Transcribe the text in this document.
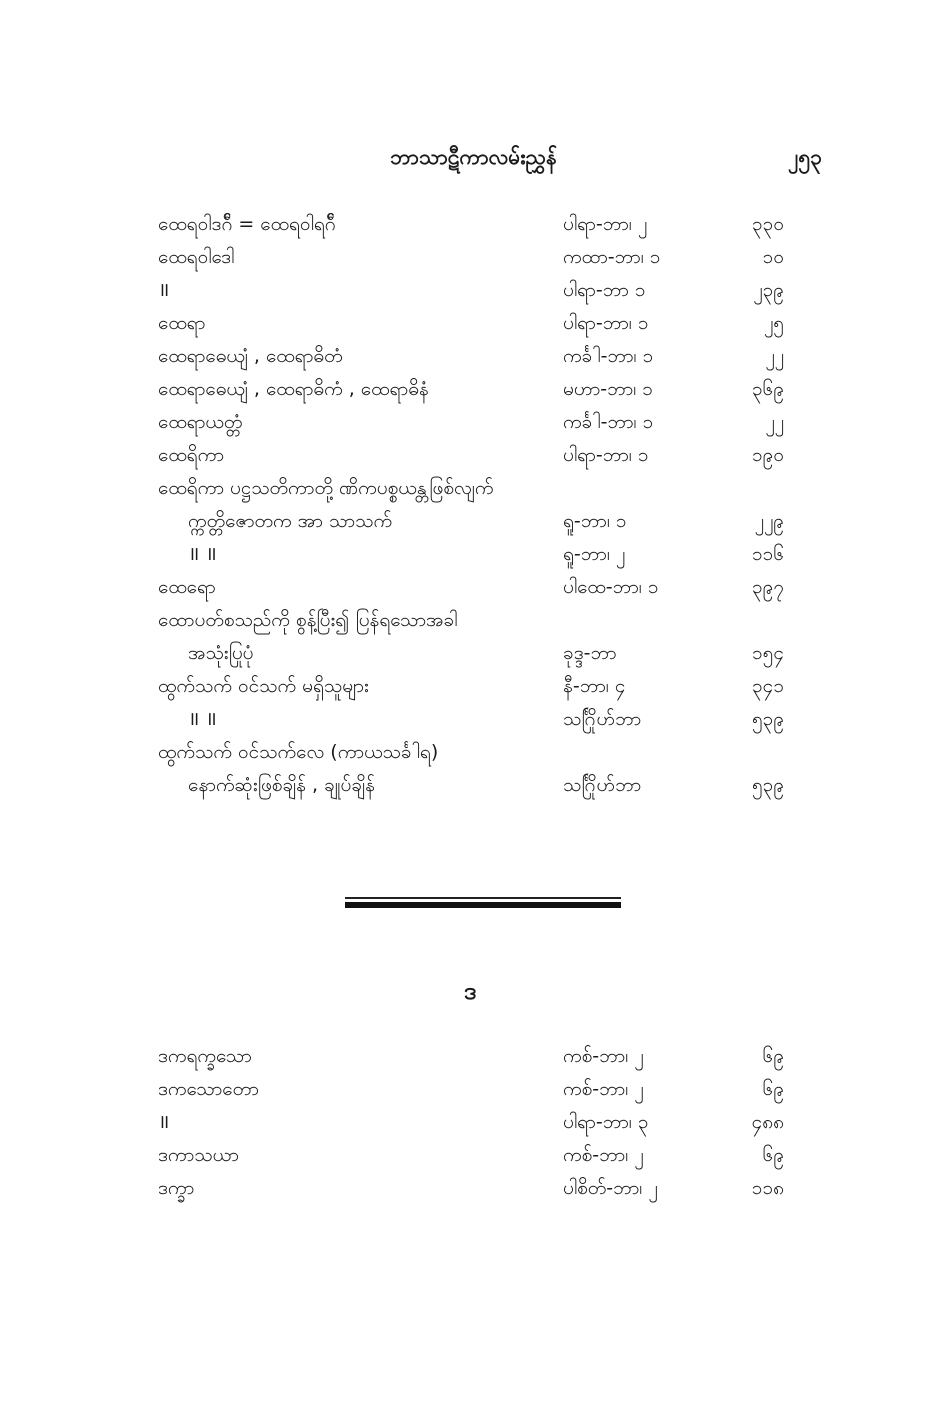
ဘာသာဋီကာလမ်းညွှန်	၂၅၃
ထေရဝါဒဂ်ီ = ထေရဝါရဂ်ီ	ပါရာ-ဘာ၊ ၂	၃၃၀
ထေရဝါဒေါ	ကထာ-ဘာ၊ ၁	၁၀
॥	ပါရာ-ဘာ ၁	၂၃၉
ထေရာ	ပါရာ-ဘာ၊ ၁	၂၅
ထေရာဓေယျံ , ထေရာဓိတံ	ကင်္ခါ-ဘာ၊ ၁	၂၂
ထေရာဓေယျံ , ထေရာဓိကံ , ထေရာဓိနံ	မဟာ-ဘာ၊ ၁	၃၆၉
ထေရာယတ္တံ	ကင်္ခါ-ဘာ၊ ၁	၂၂
ထေရိကာ	ပါရာ-ဘာ၊ ၁	၁၉၀
ထေရိကာ ပဋ္ဌသတိကာတို့ ဏိကပစ္စယန္တဖြစ်လျက်
က္ကတ္တိဇောတက အာ သာသက်	ရူ-ဘာ၊ ၁	၂၂၉
॥ ॥	ရူ-ဘာ၊ ၂	၁၁၆
ထေရော	ပါထေ-ဘာ၊ ၁	၃၉၇
ထောပတ်စသည်ကို စွန့်ပြီး၍ ပြန်ရသောအခါ
အသုံးပြုပုံ	ခုဒ္ဒ-ဘာ	၁၅၄
ထွက်သက် ဝင်သက် မရှိသူများ	နီ-ဘာ၊ ၄	၃၄၁
॥ ॥	သင်္ဂြိုဟ်ဘာ	၅၃၉
ထွက်သက် ဝင်သက်လေ (ကာယသင်္ခါရ)
နောက်ဆုံးဖြစ်ချိန် , ချုပ်ချိန်	သင်္ဂြိုဟ်ဘာ	၅၃၉
ဒ
ဒကရက္ခသော	ကစ်-ဘာ၊ ၂	၆၉
ဒကသောတော	ကစ်-ဘာ၊ ၂	၆၉
॥	ပါရာ-ဘာ၊ ၃	၄၈၈
ဒကာသယာ	ကစ်-ဘာ၊ ၂	၆၉
ဒက္ခာ	ပါစိတ်-ဘာ၊ ၂	၁၁၈
